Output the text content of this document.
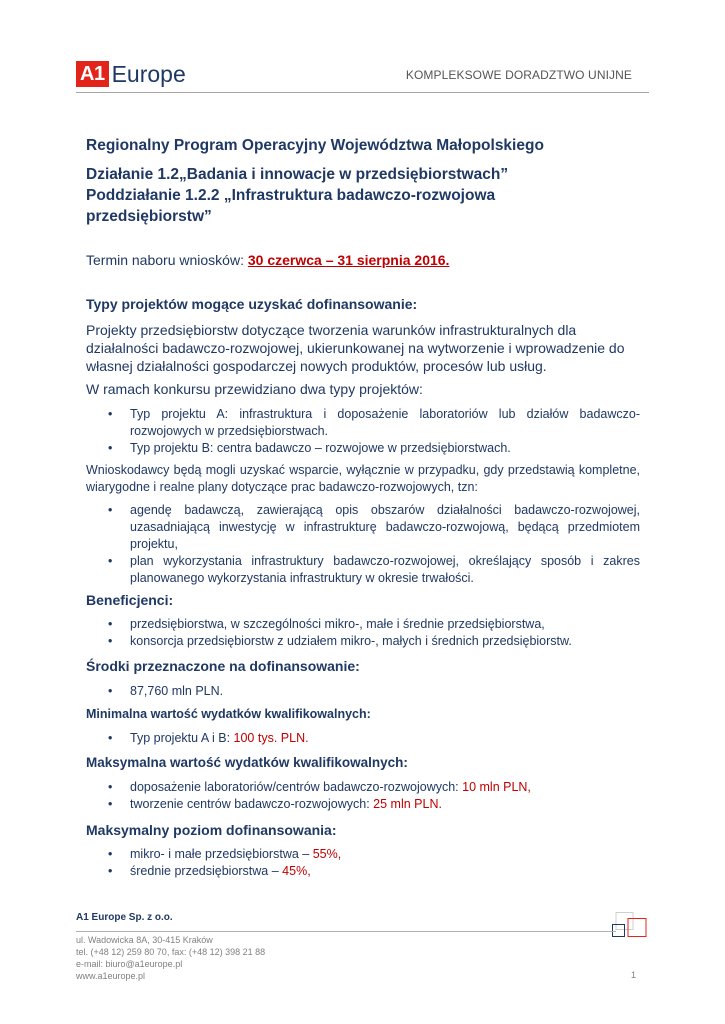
A1 Europe	KOMPLEKSOWE DORADZTWO UNIJNE
Regionalny Program Operacyjny Województwa Małopolskiego
Działanie 1.2„Badania i innowacje w przedsiębiorstwach”
Poddziałanie 1.2.2 „Infrastruktura badawczo-rozwojowa
przedsiębiorstw”
Termin naboru wniosków: 30 czerwca – 31 sierpnia 2016.
Typy projektów mogące uzyskać dofinansowanie:
Projekty przedsiębiorstw dotyczące tworzenia warunków infrastrukturalnych dla działalności badawczo-rozwojowej, ukierunkowanej na wytworzenie i wprowadzenie do własnej działalności gospodarczej nowych produktów, procesów lub usług.
W ramach konkursu przewidziano dwa typy projektów:
• Typ projektu A: infrastruktura i doposażenie laboratoriów lub działów badawczo-rozwojowych w przedsiębiorstwach.
• Typ projektu B: centra badawczo – rozwojowe w przedsiębiorstwach.
Wnioskodawcy będą mogli uzyskać wsparcie, wyłącznie w przypadku, gdy przedstawią kompletne, wiarygodne i realne plany dotyczące prac badawczo-rozwojowych, tzn:
• agendę badawczą, zawierającą opis obszarów działalności badawczo-rozwojowej, uzasadniającą inwestycję w infrastrukturę badawczo-rozwojową, będącą przedmiotem projektu,
• plan wykorzystania infrastruktury badawczo-rozwojowej, określający sposób i zakres planowanego wykorzystania infrastruktury w okresie trwałości.
Beneficjenci:
• przedsiębiorstwa, w szczególności mikro-, małe i średnie przedsiębiorstwa,
• konsorcja przedsiębiorstw z udziałem mikro-, małych i średnich przedsiębiorstw.
Środki przeznaczone na dofinansowanie:
• 87,760 mln PLN.
Minimalna wartość wydatków kwalifikowalnych:
• Typ projektu A i B: 100 tys. PLN.
Maksymalna wartość wydatków kwalifikowalnych:
• doposażenie laboratoriów/centrów badawczo-rozwojowych: 10 mln PLN,
• tworzenie centrów badawczo-rozwojowych: 25 mln PLN.
Maksymalny poziom dofinansowania:
• mikro- i małe przedsiębiorstwa – 55%,
• średnie przedsiębiorstwa – 45%,
A1 Europe Sp. z o.o.
ul. Wadowicka 8A, 30-415 Kraków
tel. (+48 12) 259 80 70, fax: (+48 12) 398 21 88
e-mail: biuro@a1europe.pl
www.a1europe.pl	1
